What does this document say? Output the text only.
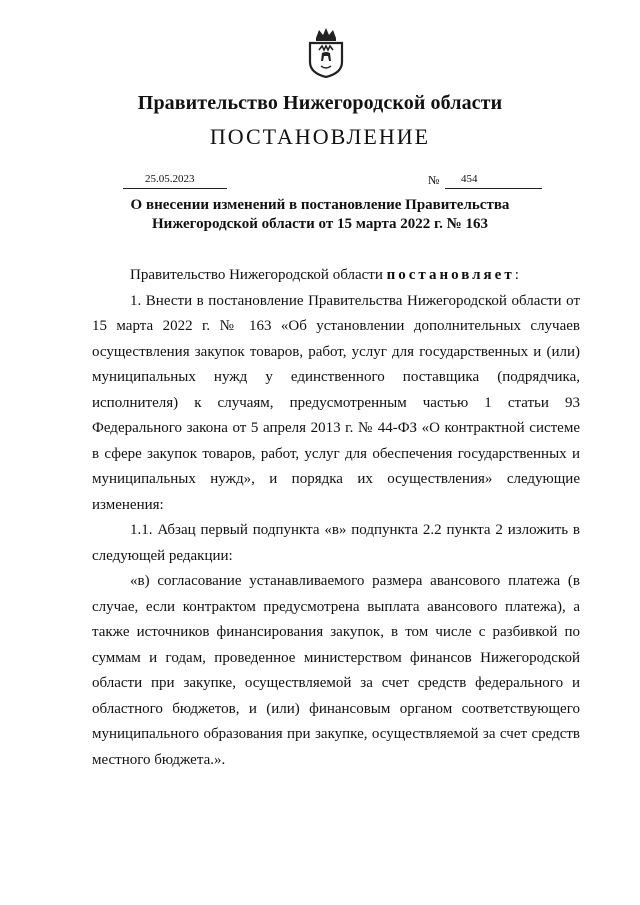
Правительство Нижегородской области
ПОСТАНОВЛЕНИЕ
25.05.2023	№ 454
О внесении изменений в постановление Правительства
Нижегородской области от 15 марта 2022 г. № 163

Правительство Нижегородской области постановляет:

1. Внести в постановление Правительства Нижегородской области от 15 марта 2022 г. № 163 «Об установлении дополнительных случаев осуществления закупок товаров, работ, услуг для государственных и (или) муниципальных нужд у единственного поставщика (подрядчика, исполнителя) к случаям, предусмотренным частью 1 статьи 93 Федерального закона от 5 апреля 2013 г. № 44-ФЗ «О контрактной системе в сфере закупок товаров, работ, услуг для обеспечения государственных и муниципальных нужд», и порядка их осуществления» следующие изменения:

1.1. Абзац первый подпункта «в» подпункта 2.2 пункта 2 изложить в следующей редакции:

«в) согласование устанавливаемого размера авансового платежа (в случае, если контрактом предусмотрена выплата авансового платежа), а также источников финансирования закупок, в том числе с разбивкой по суммам и годам, проведенное министерством финансов Нижегородской области при закупке, осуществляемой за счет средств федерального и областного бюджетов, и (или) финансовым органом соответствующего муниципального образования при закупке, осуществляемой за счет средств местного бюджета.».
